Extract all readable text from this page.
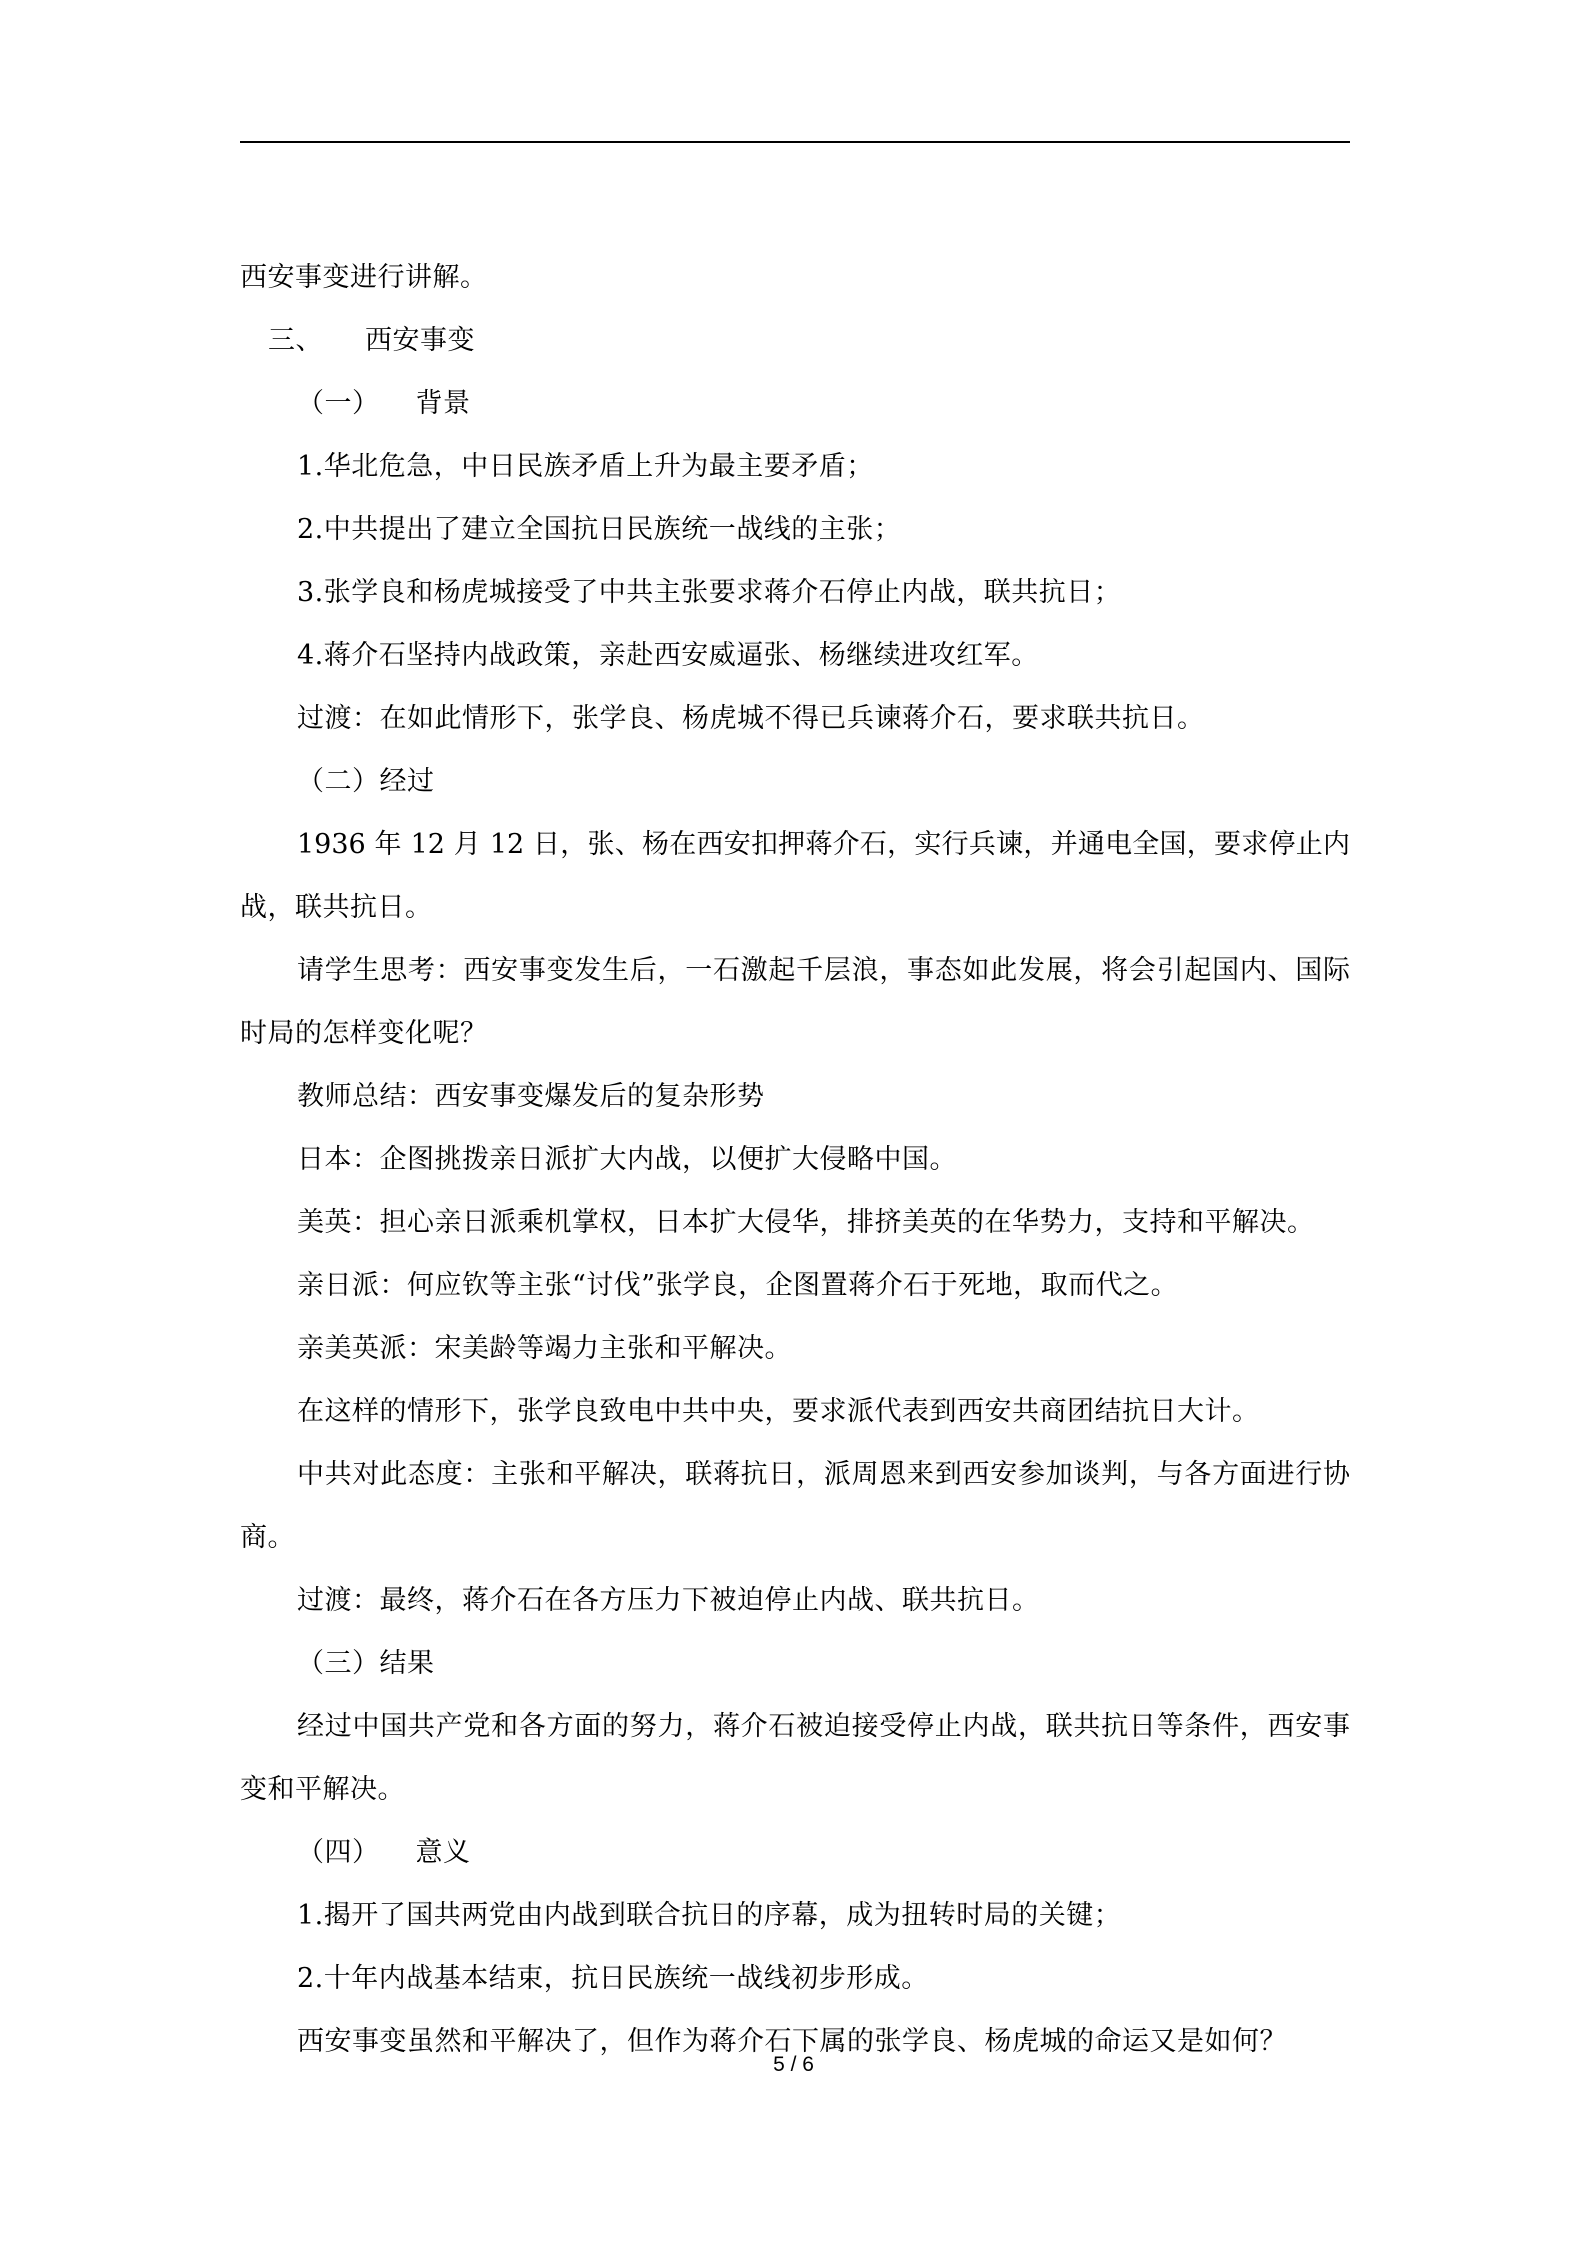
西安事变进行讲解。
三、 西安事变
（一） 背景
1.华北危急，中日民族矛盾上升为最主要矛盾；
2.中共提出了建立全国抗日民族统一战线的主张；
3.张学良和杨虎城接受了中共主张要求蒋介石停止内战，联共抗日；
4.蒋介石坚持内战政策，亲赴西安威逼张、杨继续进攻红军。
过渡：在如此情形下，张学良、杨虎城不得已兵谏蒋介石，要求联共抗日。
（二）经过
1936 年 12 月 12 日，张、杨在西安扣押蒋介石，实行兵谏，并通电全国，要求停止内
战，联共抗日。
请学生思考：西安事变发生后，一石激起千层浪，事态如此发展，将会引起国内、国际
时局的怎样变化呢？
教师总结：西安事变爆发后的复杂形势
日本：企图挑拨亲日派扩大内战，以便扩大侵略中国。
美英：担心亲日派乘机掌权，日本扩大侵华，排挤美英的在华势力，支持和平解决。
亲日派：何应钦等主张“讨伐”张学良，企图置蒋介石于死地，取而代之。
亲美英派：宋美龄等竭力主张和平解决。
在这样的情形下，张学良致电中共中央，要求派代表到西安共商团结抗日大计。
中共对此态度：主张和平解决，联蒋抗日，派周恩来到西安参加谈判，与各方面进行协
商。
过渡：最终，蒋介石在各方压力下被迫停止内战、联共抗日。
（三）结果
经过中国共产党和各方面的努力，蒋介石被迫接受停止内战，联共抗日等条件，西安事
变和平解决。
（四） 意义
1.揭开了国共两党由内战到联合抗日的序幕，成为扭转时局的关键；
2.十年内战基本结束，抗日民族统一战线初步形成。
西安事变虽然和平解决了，但作为蒋介石下属的张学良、杨虎城的命运又是如何？
5 / 6
